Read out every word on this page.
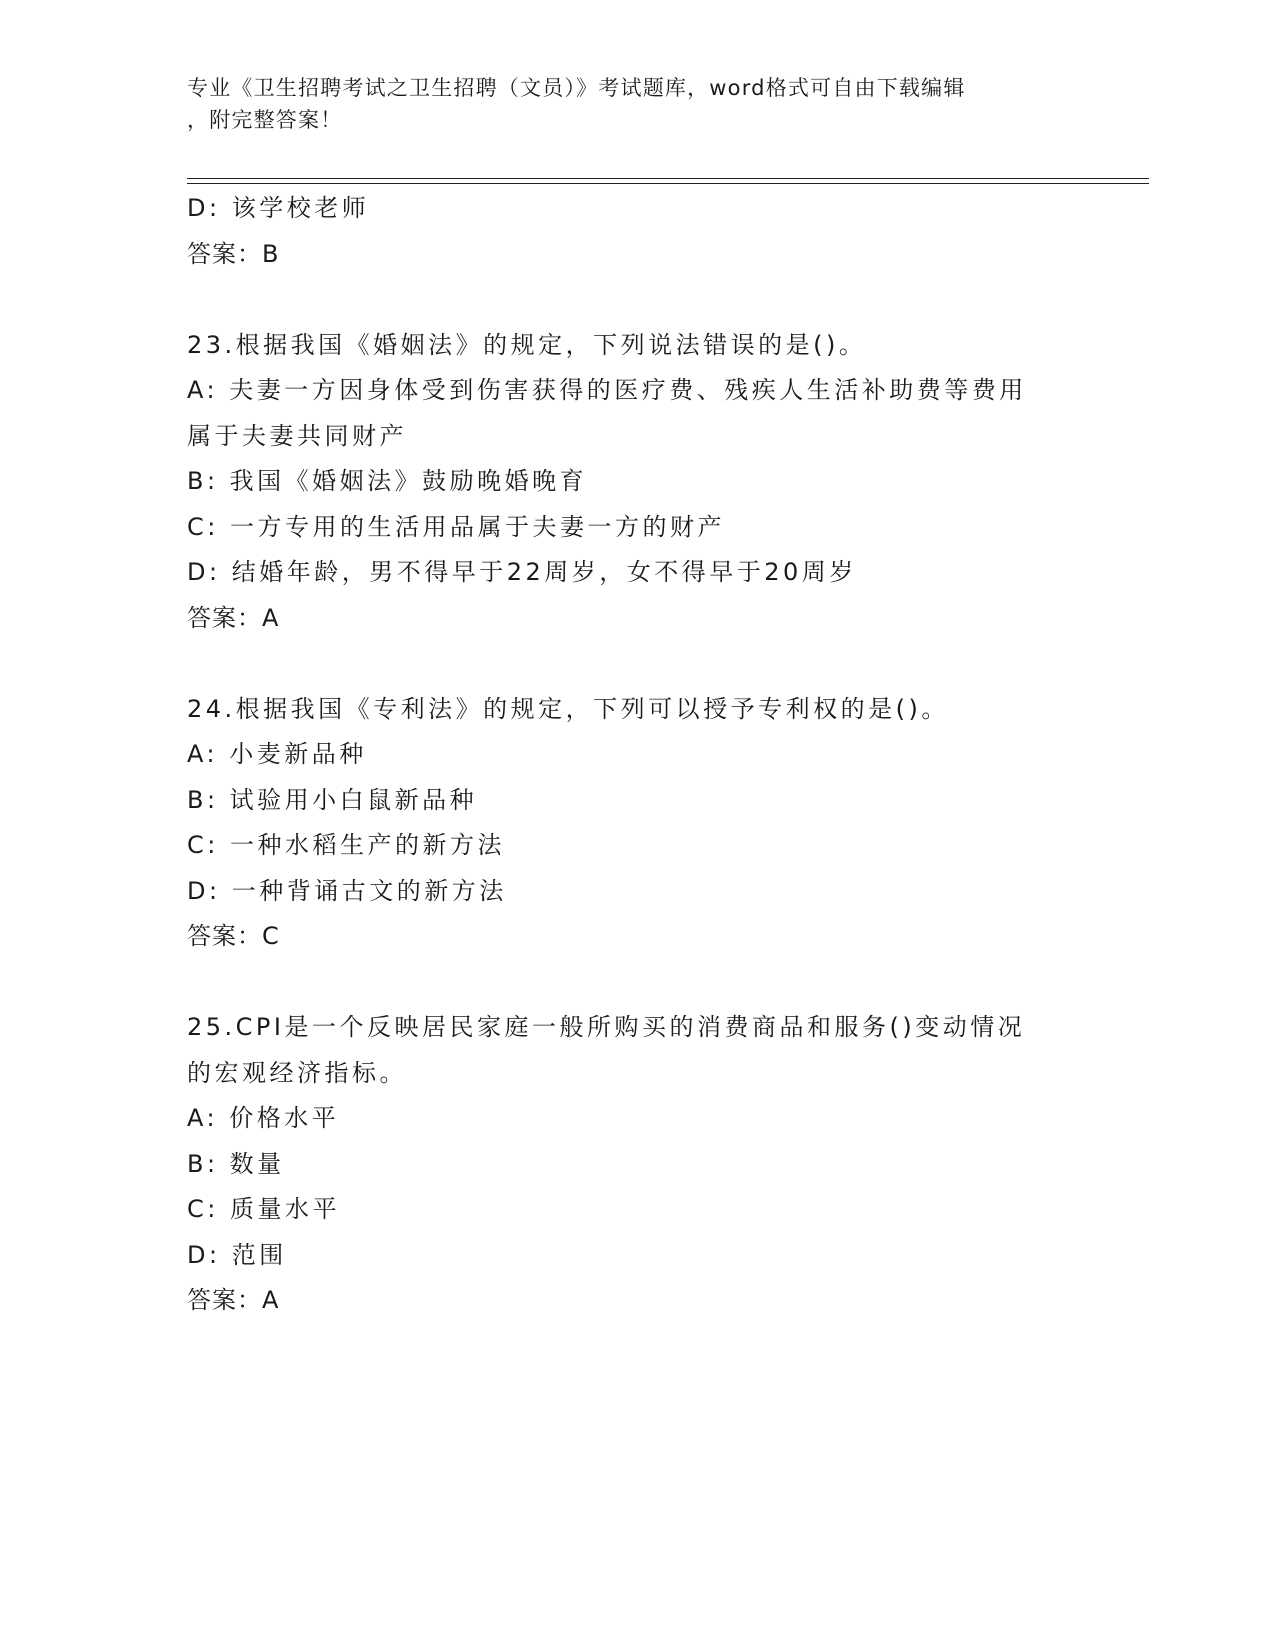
专业《卫生招聘考试之卫生招聘（文员）》考试题库，word格式可自由下载编辑
，附完整答案！
D: 该学校老师
答案：B
23.根据我国《婚姻法》的规定，下列说法错误的是()。
A: 夫妻一方因身体受到伤害获得的医疗费、残疾人生活补助费等费用
属于夫妻共同财产
B: 我国《婚姻法》鼓励晚婚晚育
C: 一方专用的生活用品属于夫妻一方的财产
D: 结婚年龄，男不得早于22周岁，女不得早于20周岁
答案：A
24.根据我国《专利法》的规定，下列可以授予专利权的是()。
A: 小麦新品种
B: 试验用小白鼠新品种
C: 一种水稻生产的新方法
D: 一种背诵古文的新方法
答案：C
25.CPI是一个反映居民家庭一般所购买的消费商品和服务()变动情况
的宏观经济指标。
A: 价格水平
B: 数量
C: 质量水平
D: 范围
答案：A
